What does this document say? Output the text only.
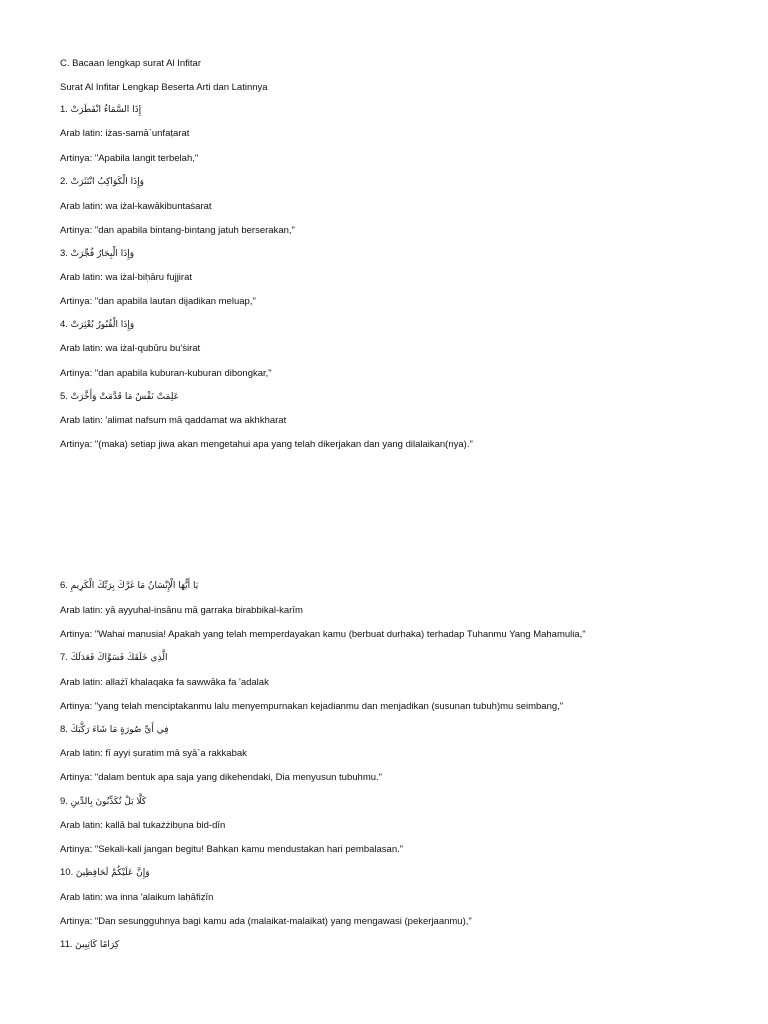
C. Bacaan lengkap surat Al Infitar
Surat Al Infitar Lengkap Beserta Arti dan Latinnya
1. إِذَا السَّمَاءُ انْفَطَرَتْ
Arab latin: iżas-samā`unfaṭarat
Artinya: "Apabila langit terbelah,"
2. وَإِذَا الْكَوَاكِبُ انْتَثَرَتْ
Arab latin: wa iżal-kawākibuntaṡarat
Artinya: "dan apabila bintang-bintang jatuh berserakan,"
3. وَإِذَا الْبِحَارُ فُجِّرَتْ
Arab latin: wa iżal-biḥāru fujjirat
Artinya: "dan apabila lautan dijadikan meluap,"
4. وَإِذَا الْقُبُورُ بُعْثِرَتْ
Arab latin: wa iżal-qubūru bu'ṡirat
Artinya: "dan apabila kuburan-kuburan dibongkar,"
5. عَلِمَتْ نَفْسٌ مَا قَدَّمَتْ وَأَخَّرَتْ
Arab latin: 'alimat nafsum mā qaddamat wa akhkharat
Artinya: "(maka) setiap jiwa akan mengetahui apa yang telah dikerjakan dan yang dilalaikan(nya)."
6. يَا أَيُّهَا الْإِنْسَانُ مَا غَرَّكَ بِرَبِّكَ الْكَرِيمِ
Arab latin: yā ayyuhal-insānu mā garraka birabbikal-karīm
Artinya: "Wahai manusia! Apakah yang telah memperdayakan kamu (berbuat durhaka) terhadap Tuhanmu Yang Mahamulia,"
7. الَّذِي خَلَقَكَ فَسَوَّاكَ فَعَدَلَكَ
Arab latin: allażī khalaqaka fa sawwāka fa 'adalak
Artinya: "yang telah menciptakanmu lalu menyempurnakan kejadianmu dan menjadikan (susunan tubuh)mu seimbang,"
8. فِي أَيِّ صُورَةٍ مَا شَاءَ رَكَّبَكَ
Arab latin: fī ayyi ṣuratim mā syā`a rakkabak
Artinya: "dalam bentuk apa saja yang dikehendaki, Dia menyusun tubuhmu."
9. كَلَّا بَلْ تُكَذِّبُونَ بِالدِّينِ
Arab latin: kallā bal tukażżibụna bid-dīn
Artinya: "Sekali-kali jangan begitu! Bahkan kamu mendustakan hari pembalasan."
10. وَإِنَّ عَلَيْكُمْ لَحَافِظِينَ
Arab latin: wa inna 'alaikum laḥāfiẓīn
Artinya: "Dan sesungguhnya bagi kamu ada (malaikat-malaikat) yang mengawasi (pekerjaanmu),"
11. كِرَامًا كَاتِبِينَ
